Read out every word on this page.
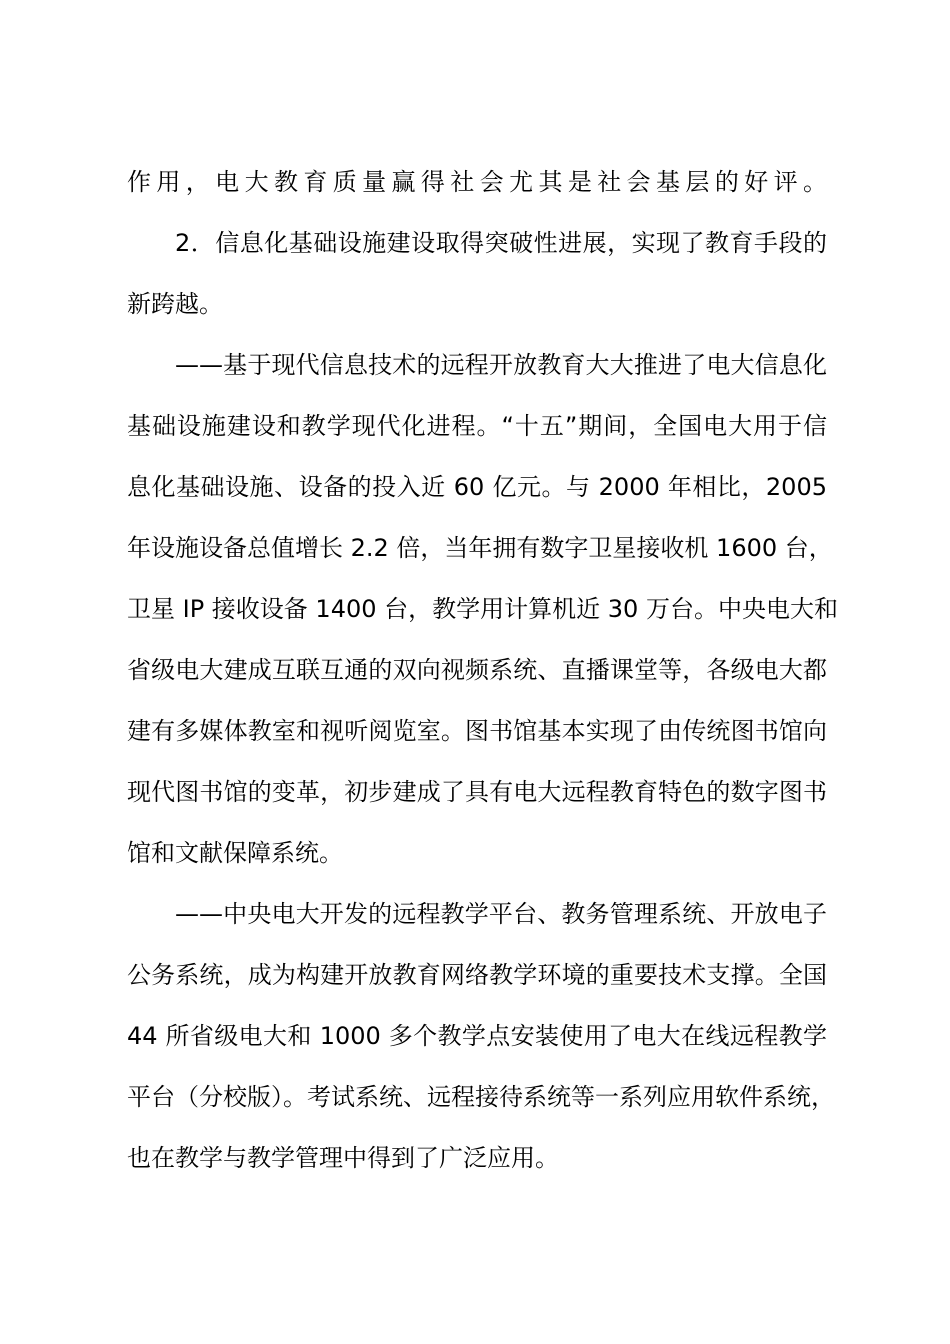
作用，电大教育质量赢得社会尤其是社会基层的好评。
2．信息化基础设施建设取得突破性进展，实现了教育手段的
新跨越。
——基于现代信息技术的远程开放教育大大推进了电大信息化
基础设施建设和教学现代化进程。“十五”期间，全国电大用于信
息化基础设施、设备的投入近 60 亿元。与 2000 年相比，2005
年设施设备总值增长 2.2 倍，当年拥有数字卫星接收机 1600 台，
卫星 IP 接收设备 1400 台，教学用计算机近 30 万台。中央电大和
省级电大建成互联互通的双向视频系统、直播课堂等，各级电大都
建有多媒体教室和视听阅览室。图书馆基本实现了由传统图书馆向
现代图书馆的变革，初步建成了具有电大远程教育特色的数字图书
馆和文献保障系统。
——中央电大开发的远程教学平台、教务管理系统、开放电子
公务系统，成为构建开放教育网络教学环境的重要技术支撑。全国
44 所省级电大和 1000 多个教学点安装使用了电大在线远程教学
平台（分校版）。考试系统、远程接待系统等一系列应用软件系统，
也在教学与教学管理中得到了广泛应用。
